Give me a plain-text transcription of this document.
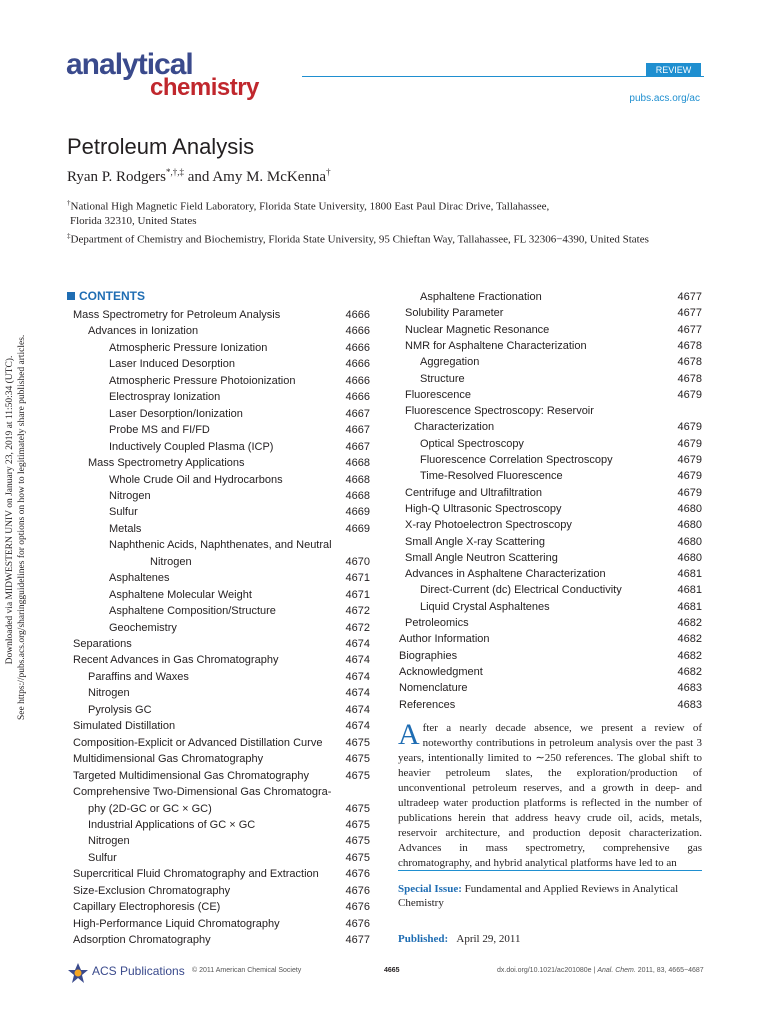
analytical
chemistry
REVIEW
pubs.acs.org/ac
Petroleum Analysis
Ryan P. Rodgers*,†,‡ and Amy M. McKenna†
†National High Magnetic Field Laboratory, Florida State University, 1800 East Paul Dirac Drive, Tallahassee,
Florida 32310, United States
‡Department of Chemistry and Biochemistry, Florida State University, 95 Chieftan Way, Tallahassee, FL 32306−4390, United States
Downloaded via MIDWESTERN UNIV on January 23, 2019 at 11:50:34 (UTC). See https://pubs.acs.org/sharingguidelines for options on how to legitimately share published articles.
CONTENTS
Mass Spectrometry for Petroleum Analysis	4666
Advances in Ionization	4666
Atmospheric Pressure Ionization	4666
Laser Induced Desorption	4666
Atmospheric Pressure Photoionization	4666
Electrospray Ionization	4666
Laser Desorption/Ionization	4667
Probe MS and FI/FD	4667
Inductively Coupled Plasma (ICP)	4667
Mass Spectrometry Applications	4668
Whole Crude Oil and Hydrocarbons	4668
Nitrogen	4668
Sulfur	4669
Metals	4669
Naphthenic Acids, Naphthenates, and Neutral
Nitrogen	4670
Asphaltenes	4671
Asphaltene Molecular Weight	4671
Asphaltene Composition/Structure	4672
Geochemistry	4672
Separations	4674
Recent Advances in Gas Chromatography	4674
Paraffins and Waxes	4674
Nitrogen	4674
Pyrolysis GC	4674
Simulated Distillation	4674
Composition-Explicit or Advanced Distillation Curve 4675
Multidimensional Gas Chromatography	4675
Targeted Multidimensional Gas Chromatography	4675
Comprehensive Two-Dimensional Gas Chromatogra-
phy (2D-GC or GC × GC)	4675
Industrial Applications of GC × GC	4675
Nitrogen	4675
Sulfur	4675
Supercritical Fluid Chromatography and Extraction 4676
Size-Exclusion Chromatography	4676
Capillary Electrophoresis (CE)	4676
High-Performance Liquid Chromatography	4676
Adsorption Chromatography	4677
Asphaltene Fractionation	4677
Solubility Parameter	4677
Nuclear Magnetic Resonance	4677
NMR for Asphaltene Characterization	4678
Aggregation	4678
Structure	4678
Fluorescence	4679
Fluorescence Spectroscopy: Reservoir
Characterization	4679
Optical Spectroscopy	4679
Fluorescence Correlation Spectroscopy	4679
Time-Resolved Fluorescence	4679
Centrifuge and Ultrafiltration	4679
High-Q Ultrasonic Spectroscopy	4680
X-ray Photoelectron Spectroscopy	4680
Small Angle X-ray Scattering	4680
Small Angle Neutron Scattering	4680
Advances in Asphaltene Characterization	4681
Direct-Current (dc) Electrical Conductivity	4681
Liquid Crystal Asphaltenes	4681
Petroleomics	4682
Author Information	4682
Biographies	4682
Acknowledgment	4682
Nomenclature	4683
References	4683
After a nearly decade absence, we present a review of noteworthy contributions in petroleum analysis over the past 3 years, intentionally limited to ∼250 references. The global shift to heavier petroleum slates, the exploration/production of unconventional petroleum reserves, and a growth in deep- and ultradeep water production platforms is reflected in the number of publications herein that address heavy crude oil, acids, metals, reservoir architecture, and production deposit characterization. Advances in mass spectrometry, comprehensive gas chromatography, and hybrid analytical platforms have led to an
Special Issue: Fundamental and Applied Reviews in Analytical Chemistry
Published: April 29, 2011
ACS Publications © 2011 American Chemical Society	4665	dx.doi.org/10.1021/ac201080e | Anal. Chem. 2011, 83, 4665−4687
